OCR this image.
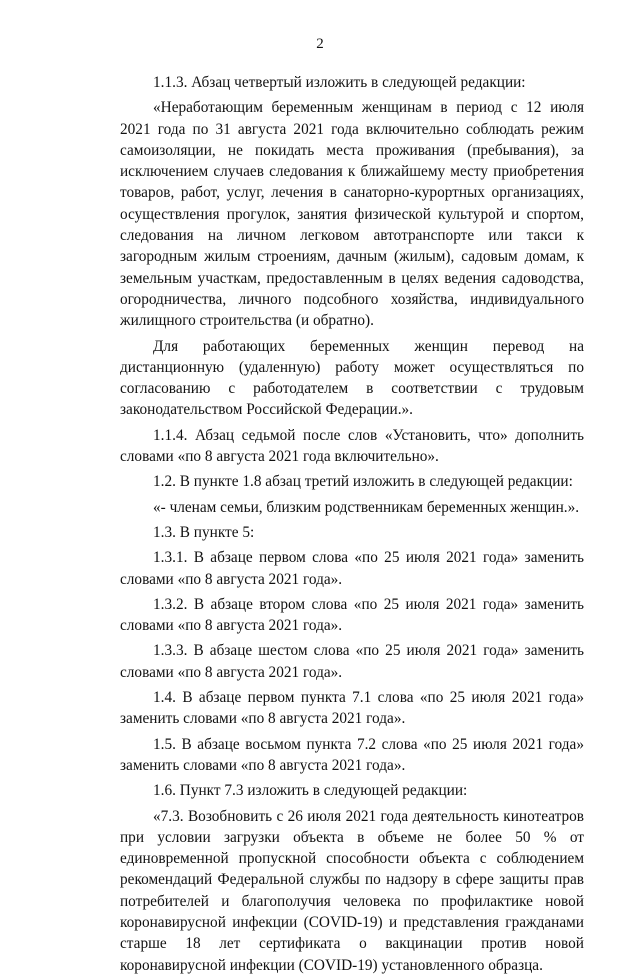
2

1.1.3. Абзац четвертый изложить в следующей редакции:

«Неработающим беременным женщинам в период с 12 июля 2021 года по 31 августа 2021 года включительно соблюдать режим самоизоляции, не покидать места проживания (пребывания), за исключением случаев следования к ближайшему месту приобретения товаров, работ, услуг, лечения в санаторно-курортных организациях, осуществления прогулок, занятия физической культурой и спортом, следования на личном легковом автотранспорте или такси к загородным жилым строениям, дачным (жилым), садовым домам, к земельным участкам, предоставленным в целях ведения садоводства, огородничества, личного подсобного хозяйства, индивидуального жилищного строительства (и обратно).

Для работающих беременных женщин перевод на дистанционную (удаленную) работу может осуществляться по согласованию с работодателем в соответствии с трудовым законодательством Российской Федерации.».

1.1.4. Абзац седьмой после слов «Установить, что» дополнить словами «по 8 августа 2021 года включительно».

1.2. В пункте 1.8 абзац третий изложить в следующей редакции:

«- членам семьи, близким родственникам беременных женщин.».

1.3. В пункте 5:

1.3.1. В абзаце первом слова «по 25 июля 2021 года» заменить словами «по 8 августа 2021 года».

1.3.2. В абзаце втором слова «по 25 июля 2021 года» заменить словами «по 8 августа 2021 года».

1.3.3. В абзаце шестом слова «по 25 июля 2021 года» заменить словами «по 8 августа 2021 года».

1.4. В абзаце первом пункта 7.1 слова «по 25 июля 2021 года» заменить словами «по 8 августа 2021 года».

1.5. В абзаце восьмом пункта 7.2 слова «по 25 июля 2021 года» заменить словами «по 8 августа 2021 года».

1.6. Пункт 7.3 изложить в следующей редакции:

«7.3. Возобновить с 26 июля 2021 года деятельность кинотеатров при условии загрузки объекта в объеме не более 50 % от единовременной пропускной способности объекта с соблюдением рекомендаций Федеральной службы по надзору в сфере защиты прав потребителей и благополучия человека по профилактике новой коронавирусной инфекции (COVID-19) и представления гражданами старше 18 лет сертификата о вакцинации против новой коронавирусной инфекции (COVID-19) установленного образца.
